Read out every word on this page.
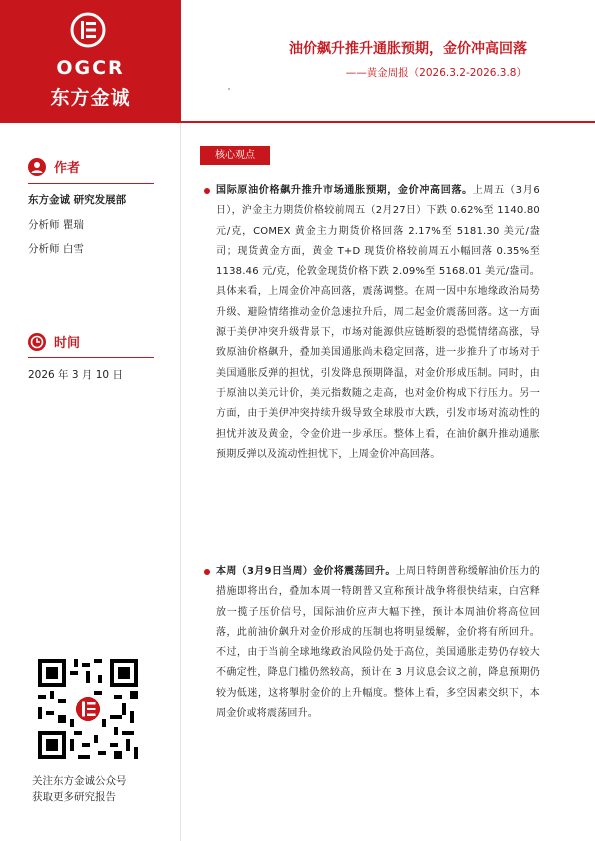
OGCR
东方金诚
油价飙升推升通胀预期，金价冲高回落
——黄金周报（2026.3.2-2026.3.8）
作者
东方金诚 研究发展部
分析师 瞿瑞
分析师 白雪
时间
2026 年 3 月 10 日
关注东方金诚公众号
获取更多研究报告
核心观点
国际原油价格飙升推升市场通胀预期，金价冲高回落。上周五（3月6日），沪金主力期货价格较前周五（2月27日）下跌 0.62%至 1140.80 元/克，COMEX 黄金主力期货价格回落 2.17%至 5181.30 美元/盎司；现货黄金方面，黄金 T+D 现货价格较前周五小幅回落 0.35%至 1138.46 元/克，伦敦金现货价格下跌 2.09%至 5168.01 美元/盎司。具体来看，上周金价冲高回落，震荡调整。在周一因中东地缘政治局势升级、避险情绪推动金价急速拉升后，周二起金价震荡回落。这一方面源于美伊冲突升级背景下，市场对能源供应链断裂的恐慌情绪高涨，导致原油价格飙升，叠加美国通胀尚未稳定回落，进一步推升了市场对于美国通胀反弹的担忧，引发降息预期降温，对金价形成压制。同时，由于原油以美元计价，美元指数随之走高，也对金价构成下行压力。另一方面，由于美伊冲突持续升级导致全球股市大跌，引发市场对流动性的担忧并波及黄金，令金价进一步承压。整体上看，在油价飙升推动通胀预期反弹以及流动性担忧下，上周金价冲高回落。
本周（3月9日当周）金价将震荡回升。上周日特朗普称缓解油价压力的措施即将出台，叠加本周一特朗普又宣称预计战争将很快结束，白宫释放一揽子压价信号，国际油价应声大幅下挫，预计本周油价将高位回落，此前油价飙升对金价形成的压制也将明显缓解，金价将有所回升。不过，由于当前全球地缘政治风险仍处于高位，美国通胀走势仍存较大不确定性，降息门槛仍然较高，预计在 3 月议息会议之前，降息预期仍较为低迷，这将掣肘金价的上升幅度。整体上看，多空因素交织下，本周金价或将震荡回升。
